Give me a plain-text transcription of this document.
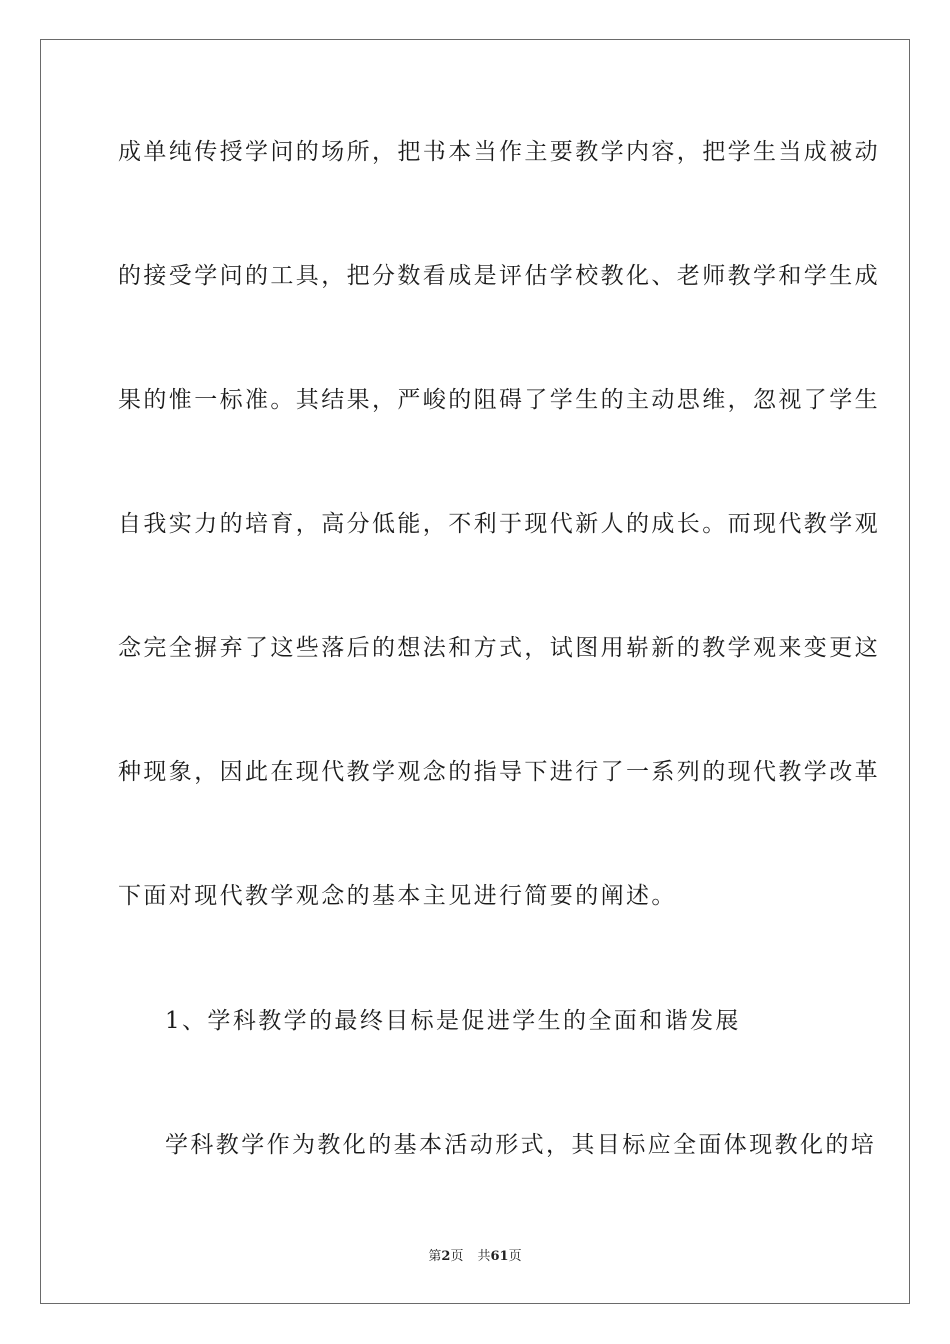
成单纯传授学问的场所，把书本当作主要教学内容，把学生当成被动
的接受学问的工具，把分数看成是评估学校教化、老师教学和学生成
果的惟一标准。其结果，严峻的阻碍了学生的主动思维，忽视了学生
自我实力的培育，高分低能，不利于现代新人的成长。而现代教学观
念完全摒弃了这些落后的想法和方式，试图用崭新的教学观来变更这
种现象，因此在现代教学观念的指导下进行了一系列的现代教学改革
下面对现代教学观念的基本主见进行简要的阐述。
1、学科教学的最终目标是促进学生的全面和谐发展
学科教学作为教化的基本活动形式，其目标应全面体现教化的培
第2页 共61页
